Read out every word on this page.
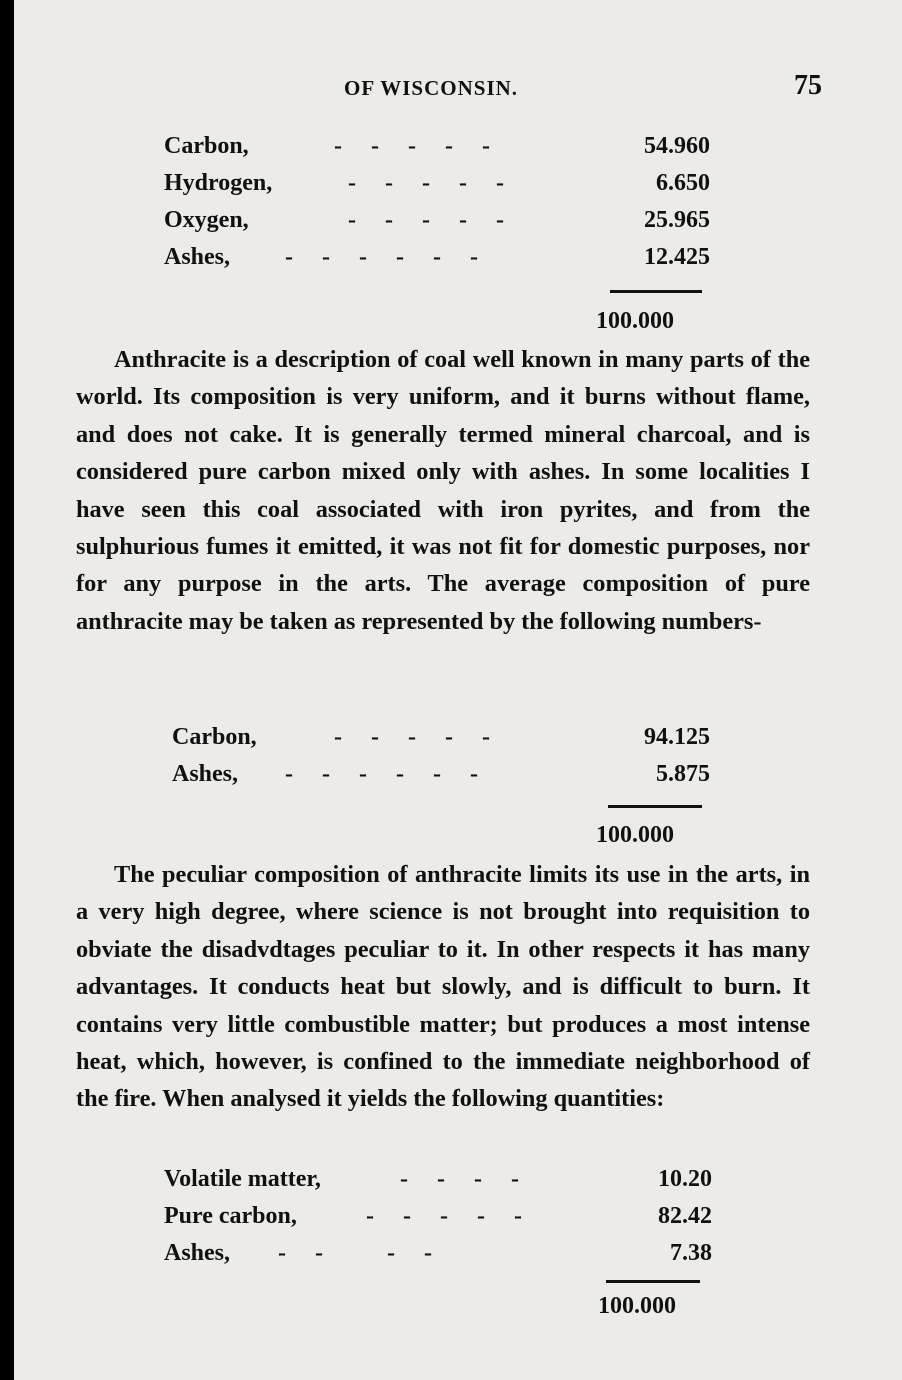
OF WISCONSIN.	75
Carbon,	-    -    -    -    -	54.960
Hydrogen,	-    -    -    -    -	6.650
Oxygen,	-    -    -    -    -	25.965
Ashes, -    -    -    -    -    -	12.425
100.000

Anthracite is a description of coal well known in many parts of the world. Its composition is very uniform, and it burns without flame, and does not cake. It is generally termed mineral charcoal, and is considered pure carbon mixed only with ashes. In some localities I have seen this coal associated with iron pyrites, and from the sulphurious fumes it emitted, it was not fit for domestic purposes, nor for any purpose in the arts. The average composition of pure anthracite may be taken as represented by the following numbers-

Carbon,	-    -    -    -    -	94.125
Ashes, -    -    -    -    -    -	5.875
100.000

The peculiar composition of anthracite limits its use in the arts, in a very high degree, where science is not brought into requisition to obviate the disadvdtages peculiar to it. In other respects it has many advantages. It conducts heat but slowly, and is difficult to burn. It contains very little combustible matter; but produces a most intense heat, which, however, is confined to the immediate neighborhood of the fire. When analysed it yields the following quantities:

Volatile matter, -    -    -    -	10.20
Pure carbon, -    -    -    -    -	82.42
Ashes, -    -         -    -	7.38
100.000
